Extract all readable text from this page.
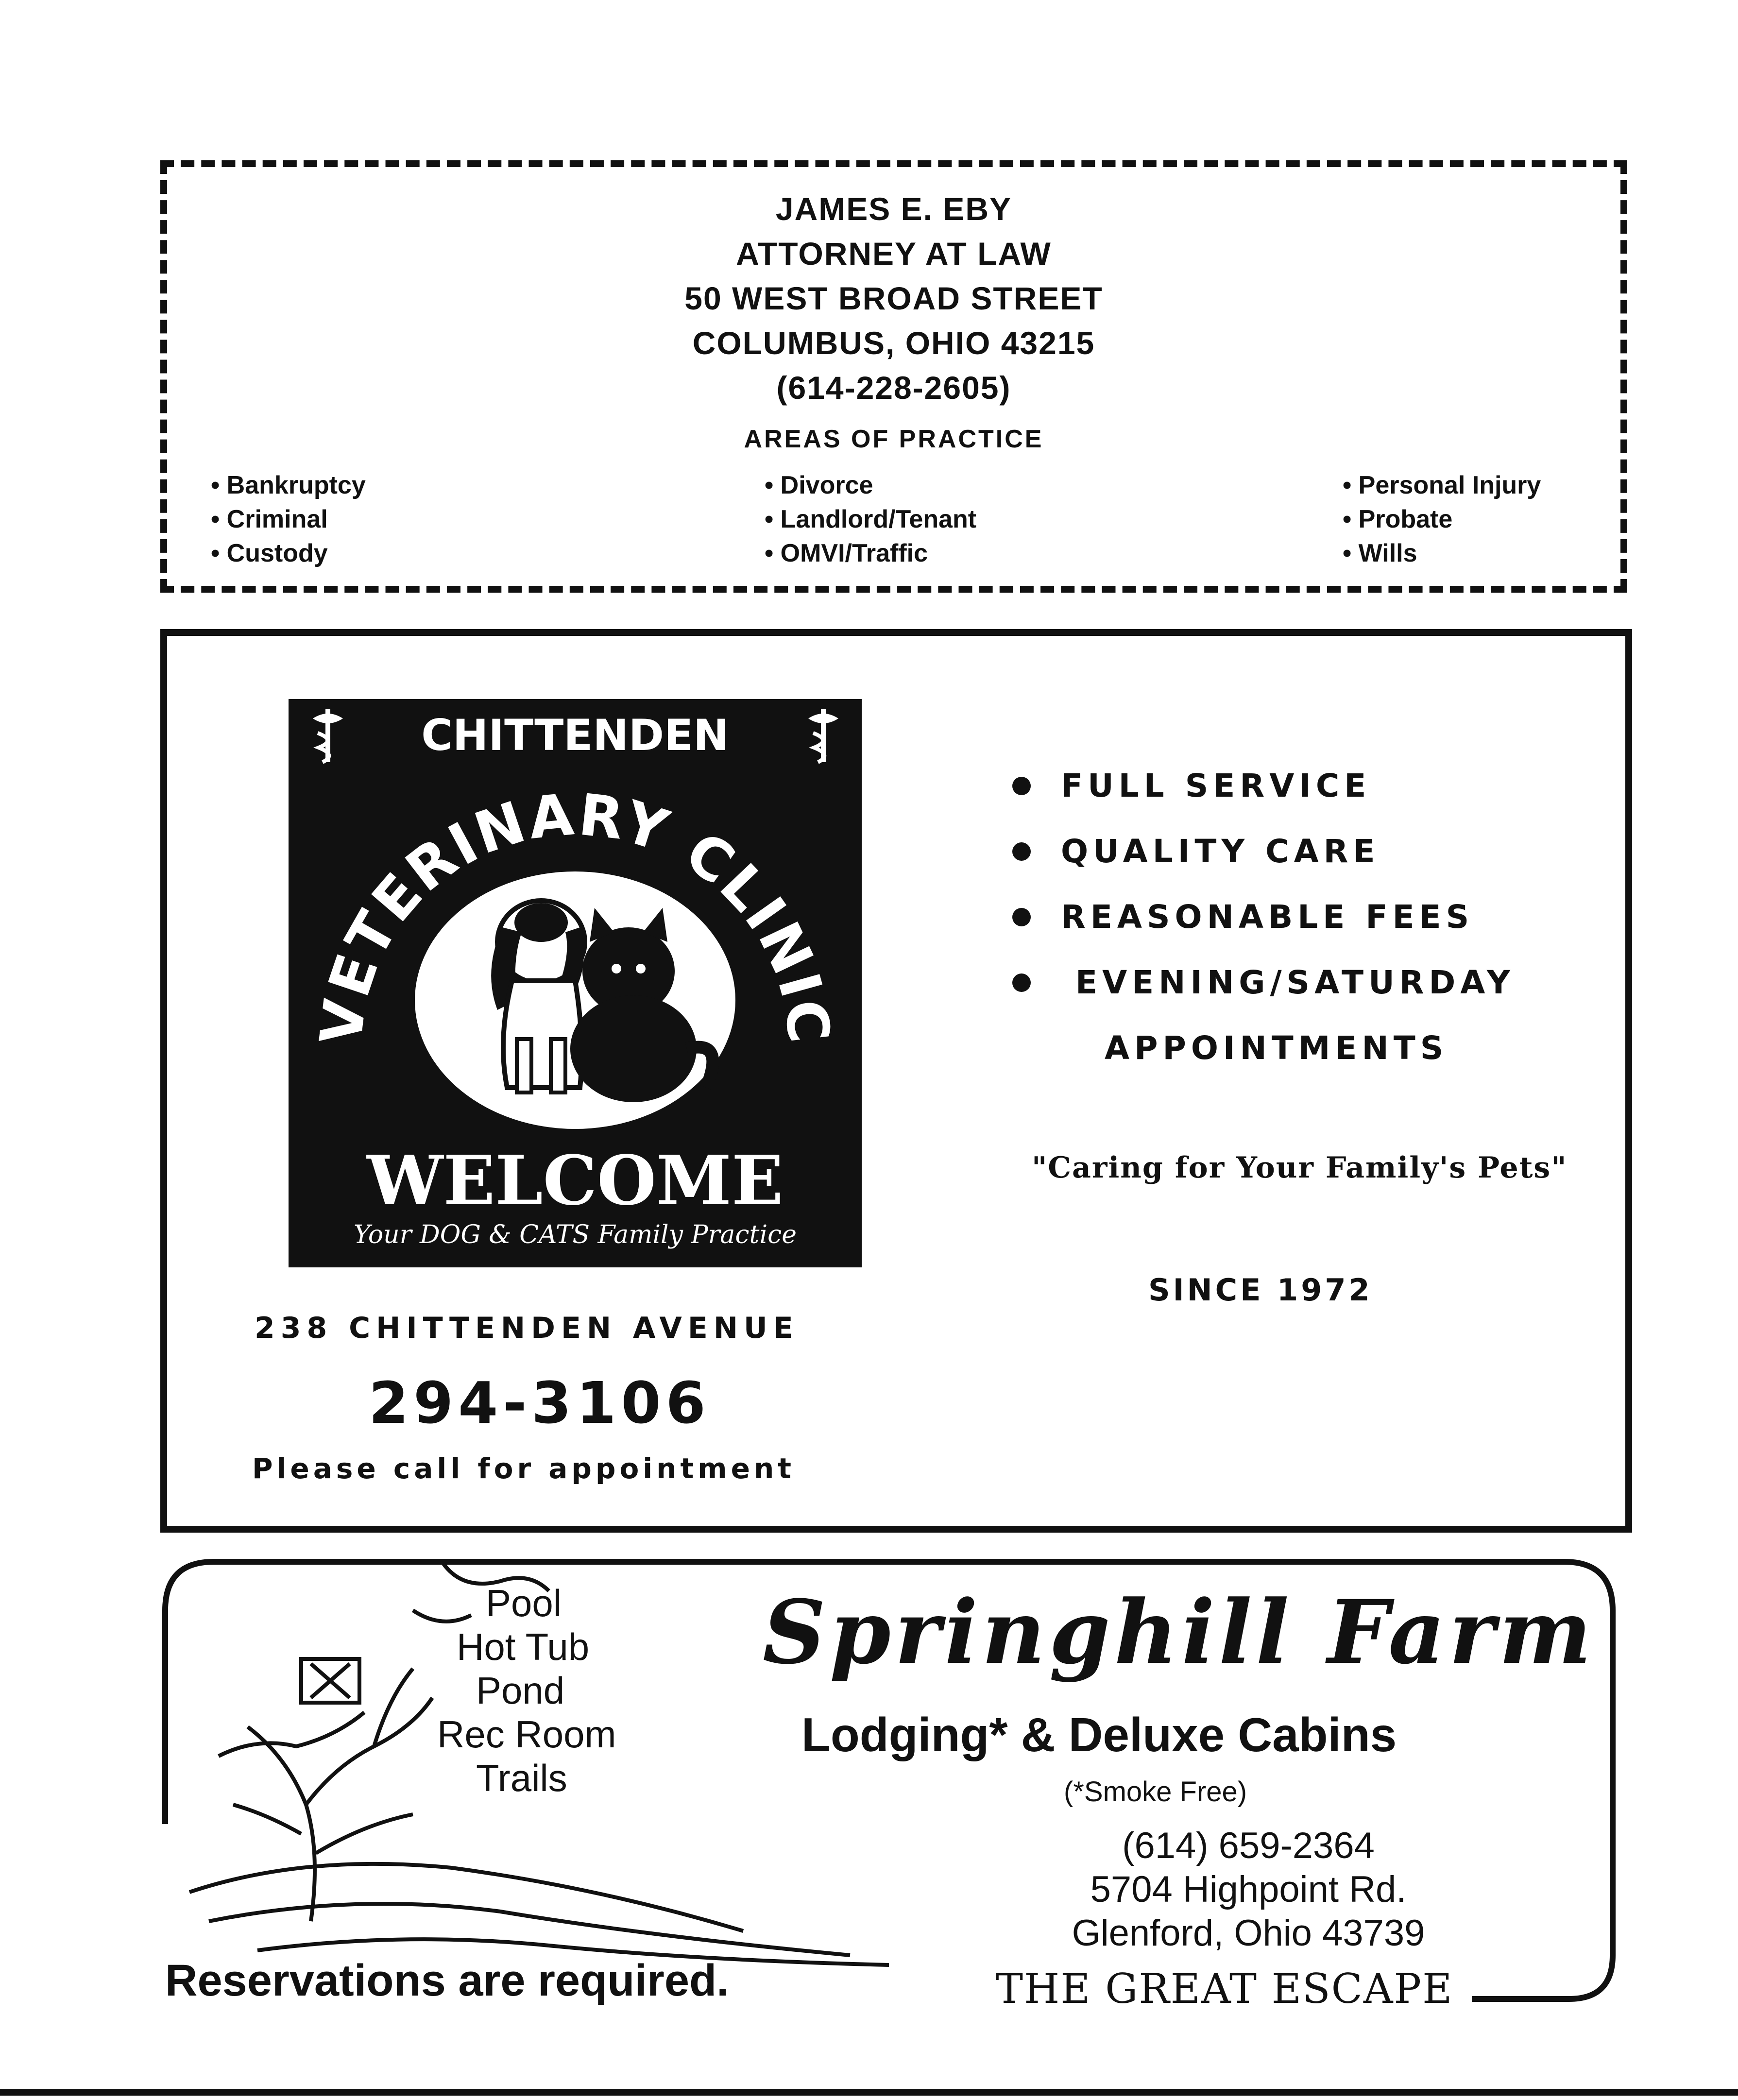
JAMES E. EBY
ATTORNEY AT LAW
50 WEST BROAD STREET
COLUMBUS, OHIO 43215
(614-228-2605)
AREAS OF PRACTICE
• Bankruptcy
• Criminal
• Custody
• Divorce
• Landlord/Tenant
• OMVI/Traffic
• Personal Injury
• Probate
• Wills
CHITTENDEN
VETERINARY CLINIC
WELCOME
Your DOG & CATS Family Practice
FULL SERVICE
QUALITY CARE
REASONABLE FEES
EVENING/SATURDAY
APPOINTMENTS
"Caring for Your Family's Pets"
SINCE 1972
238 CHITTENDEN AVENUE
294-3106
Please call for appointment
Pool
Hot Tub
Pond
Rec Room
Trails
Springhill Farm
Lodging* & Deluxe Cabins
(*Smoke Free)
(614) 659-2364
5704 Highpoint Rd.
Glenford, Ohio 43739
Reservations are required.	THE GREAT ESCAPE
